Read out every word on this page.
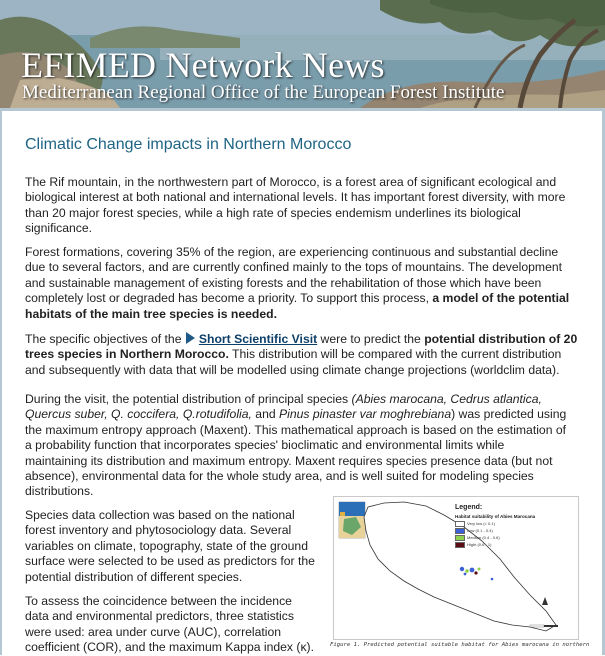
EFIMED Network News

Mediterranean Regional Office of the European Forest Institute

Climatic Change impacts in Northern Morocco

The Rif mountain, in the northwestern part of Morocco, is a forest area of significant ecological and
biological interest at both national and international levels. It has important forest diversity, with more
than 20 major forest species, while a high rate of species endemism underlines its biological
significance.

Forest formations, covering 35% of the region, are experiencing continuous and substantial decline
due to several factors, and are currently confined mainly to the tops of mountains. The development
and sustainable management of existing forests and the rehabilitation of those which have been
completely lost or degraded has become a priority. To support this process, a model of the potential
habitats of the main tree species is needed.

The specific objectives of the Short Scientific Visit were to predict the potential distribution of 20
trees species in Northern Morocco. This distribution will be compared with the current distribution
and subsequently with data that will be modelled using climate change projections (worldclim data).

During the visit, the potential distribution of principal species (Abies marocana, Cedrus atlantica,
Quercus suber, Q. coccifera, Q.rotudifolia, and Pinus pinaster var moghrebiana) was predicted using
the maximum entropy approach (Maxent). This mathematical approach is based on the estimation of
a probability function that incorporates species' bioclimatic and environmental limits while
maintaining its distribution and maximum entropy. Maxent requires species presence data (but not
absence), environmental data for the whole study area, and is well suited for modeling species
distributions.

Species data collection was based on the national
forest inventory and phytosociology data. Several
variables on climate, topography, state of the ground
surface were selected to be used as predictors for the
potential distribution of different species.

To assess the coincidence between the incidence
data and environmental predictors, three statistics
were used: area under curve (AUC), correlation
coefficient (COR), and the maximum Kappa index (κ).

Legend:
Habitat suitability of Abies Marocana
Very low (< 0.1)
Low (0.1 - 0.4)
Medium (0.4 - 0.6)
Hight (0.6 - 1)
Figure 1. Predicted potential suitable habitat for Abies marocana in northern
